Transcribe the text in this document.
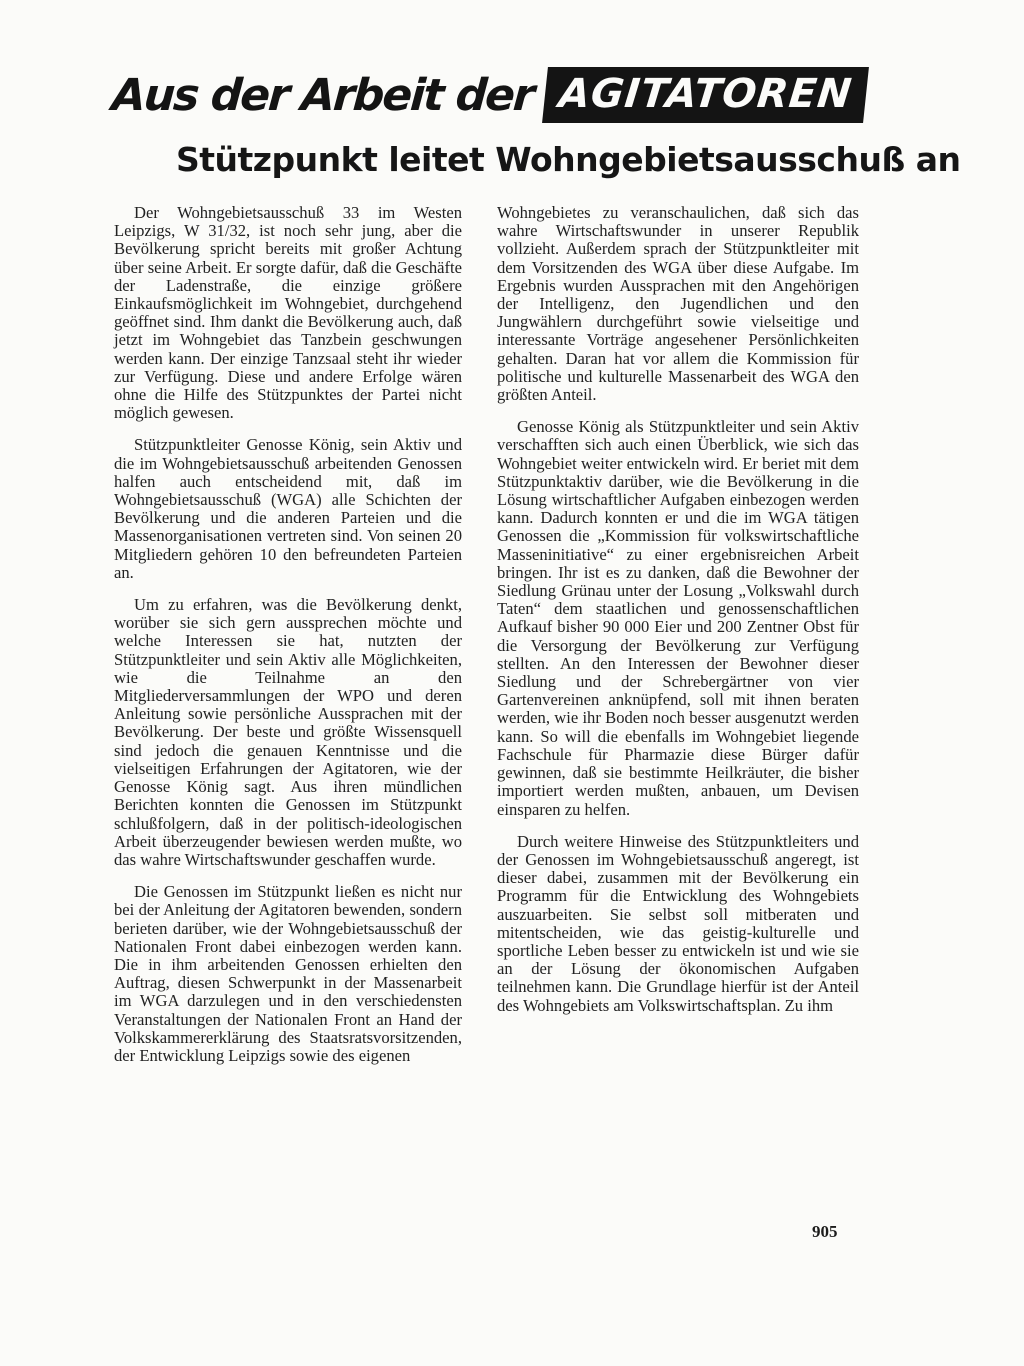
Aus der Arbeit der AGITATOREN
Stützpunkt leitet Wohngebietsausschuß an

Der Wohngebietsausschuß 33 im Westen Leipzigs, W 31/32, ist noch sehr jung, aber die Bevölkerung spricht bereits mit großer Achtung über seine Arbeit. Er sorgte dafür, daß die Geschäfte der Ladenstraße, die einzige größere Einkaufsmöglichkeit im Wohngebiet, durchgehend geöffnet sind. Ihm dankt die Bevölkerung auch, daß jetzt im Wohngebiet das Tanzbein geschwungen werden kann. Der einzige Tanzsaal steht ihr wieder zur Verfügung. Diese und andere Erfolge wären ohne die Hilfe des Stützpunktes der Partei nicht möglich gewesen.

Stützpunktleiter Genosse König, sein Aktiv und die im Wohngebietsausschuß arbeitenden Genossen halfen auch entscheidend mit, daß im Wohngebietsausschuß (WGA) alle Schichten der Bevölkerung und die anderen Parteien und die Massenorganisationen vertreten sind. Von seinen 20 Mitgliedern gehören 10 den befreundeten Parteien an.

Um zu erfahren, was die Bevölkerung denkt, worüber sie sich gern aussprechen möchte und welche Interessen sie hat, nutzten der Stützpunktleiter und sein Aktiv alle Möglichkeiten, wie die Teilnahme an den Mitgliederversammlungen der WPO und deren Anleitung sowie persönliche Aussprachen mit der Bevölkerung. Der beste und größte Wissensquell sind jedoch die genauen Kenntnisse und die vielseitigen Erfahrungen der Agitatoren, wie der Genosse König sagt. Aus ihren mündlichen Berichten konnten die Genossen im Stützpunkt schlußfolgern, daß in der politisch-ideologischen Arbeit überzeugender bewiesen werden mußte, wo das wahre Wirtschaftswunder geschaffen wurde.

Die Genossen im Stützpunkt ließen es nicht nur bei der Anleitung der Agitatoren bewenden, sondern berieten darüber, wie der Wohngebietsausschuß der Nationalen Front dabei einbezogen werden kann. Die in ihm arbeitenden Genossen erhielten den Auftrag, diesen Schwerpunkt in der Massenarbeit im WGA darzulegen und in den verschiedensten Veranstaltungen der Nationalen Front an Hand der Volkskammererklärung des Staatsratsvorsitzenden, der Entwicklung Leipzigs sowie des eigenen

Wohngebietes zu veranschaulichen, daß sich das wahre Wirtschaftswunder in unserer Republik vollzieht. Außerdem sprach der Stützpunktleiter mit dem Vorsitzenden des WGA über diese Aufgabe. Im Ergebnis wurden Aussprachen mit den Angehörigen der Intelligenz, den Jugendlichen und den Jungwählern durchgeführt sowie vielseitige und interessante Vorträge angesehener Persönlichkeiten gehalten. Daran hat vor allem die Kommission für politische und kulturelle Massenarbeit des WGA den größten Anteil.

Genosse König als Stützpunktleiter und sein Aktiv verschafften sich auch einen Überblick, wie sich das Wohngebiet weiter entwickeln wird. Er beriet mit dem Stützpunktaktiv darüber, wie die Bevölkerung in die Lösung wirtschaftlicher Aufgaben einbezogen werden kann. Dadurch konnten er und die im WGA tätigen Genossen die „Kommission für volkswirtschaftliche Masseninitiative“ zu einer ergebnisreichen Arbeit bringen. Ihr ist es zu danken, daß die Bewohner der Siedlung Grünau unter der Losung „Volkswahl durch Taten“ dem staatlichen und genossenschaftlichen Aufkauf bisher 90 000 Eier und 200 Zentner Obst für die Versorgung der Bevölkerung zur Verfügung stellten. An den Interessen der Bewohner dieser Siedlung und der Schrebergärtner von vier Gartenvereinen anknüpfend, soll mit ihnen beraten werden, wie ihr Boden noch besser ausgenutzt werden kann. So will die ebenfalls im Wohngebiet liegende Fachschule für Pharmazie diese Bürger dafür gewinnen, daß sie bestimmte Heilkräuter, die bisher importiert werden mußten, anbauen, um Devisen einsparen zu helfen.

Durch weitere Hinweise des Stützpunktleiters und der Genossen im Wohngebietsausschuß angeregt, ist dieser dabei, zusammen mit der Bevölkerung ein Programm für die Entwicklung des Wohngebiets auszuarbeiten. Sie selbst soll mitberaten und mitentscheiden, wie das geistig-kulturelle und sportliche Leben besser zu entwickeln ist und wie sie an der Lösung der ökonomischen Aufgaben teilnehmen kann. Die Grundlage hierfür ist der Anteil des Wohngebiets am Volkswirtschaftsplan. Zu ihm

905
